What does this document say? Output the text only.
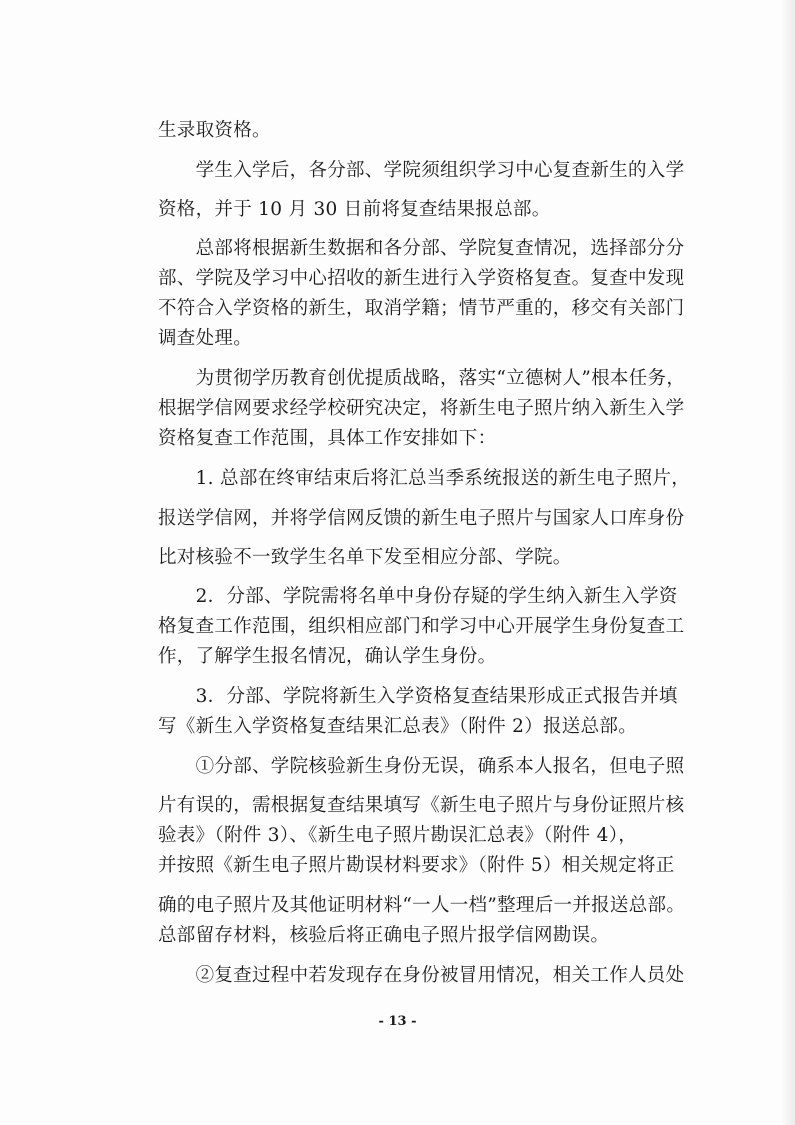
生录取资格。
　　学生入学后，各分部、学院须组织学习中心复查新生的入学
资格，并于 10 月 30 日前将复查结果报总部。
　　总部将根据新生数据和各分部、学院复查情况，选择部分分
部、学院及学习中心招收的新生进行入学资格复查。复查中发现
不符合入学资格的新生，取消学籍；情节严重的，移交有关部门
调查处理。
　　为贯彻学历教育创优提质战略，落实“立德树人”根本任务，
根据学信网要求经学校研究决定，将新生电子照片纳入新生入学
资格复查工作范围，具体工作安排如下：
　　1. 总部在终审结束后将汇总当季系统报送的新生电子照片，
报送学信网，并将学信网反馈的新生电子照片与国家人口库身份
比对核验不一致学生名单下发至相应分部、学院。
　　2．分部、学院需将名单中身份存疑的学生纳入新生入学资
格复查工作范围，组织相应部门和学习中心开展学生身份复查工
作，了解学生报名情况，确认学生身份。
　　3．分部、学院将新生入学资格复查结果形成正式报告并填
写《新生入学资格复查结果汇总表》（附件 2）报送总部。
　　①分部、学院核验新生身份无误，确系本人报名，但电子照
片有误的，需根据复查结果填写《新生电子照片与身份证照片核
验表》（附件 3）、《新生电子照片勘误汇总表》（附件 4），
并按照《新生电子照片勘误材料要求》（附件 5）相关规定将正
确的电子照片及其他证明材料“一人一档”整理后一并报送总部。
总部留存材料，核验后将正确电子照片报学信网勘误。
　　②复查过程中若发现存在身份被冒用情况，相关工作人员处
- 13 -
